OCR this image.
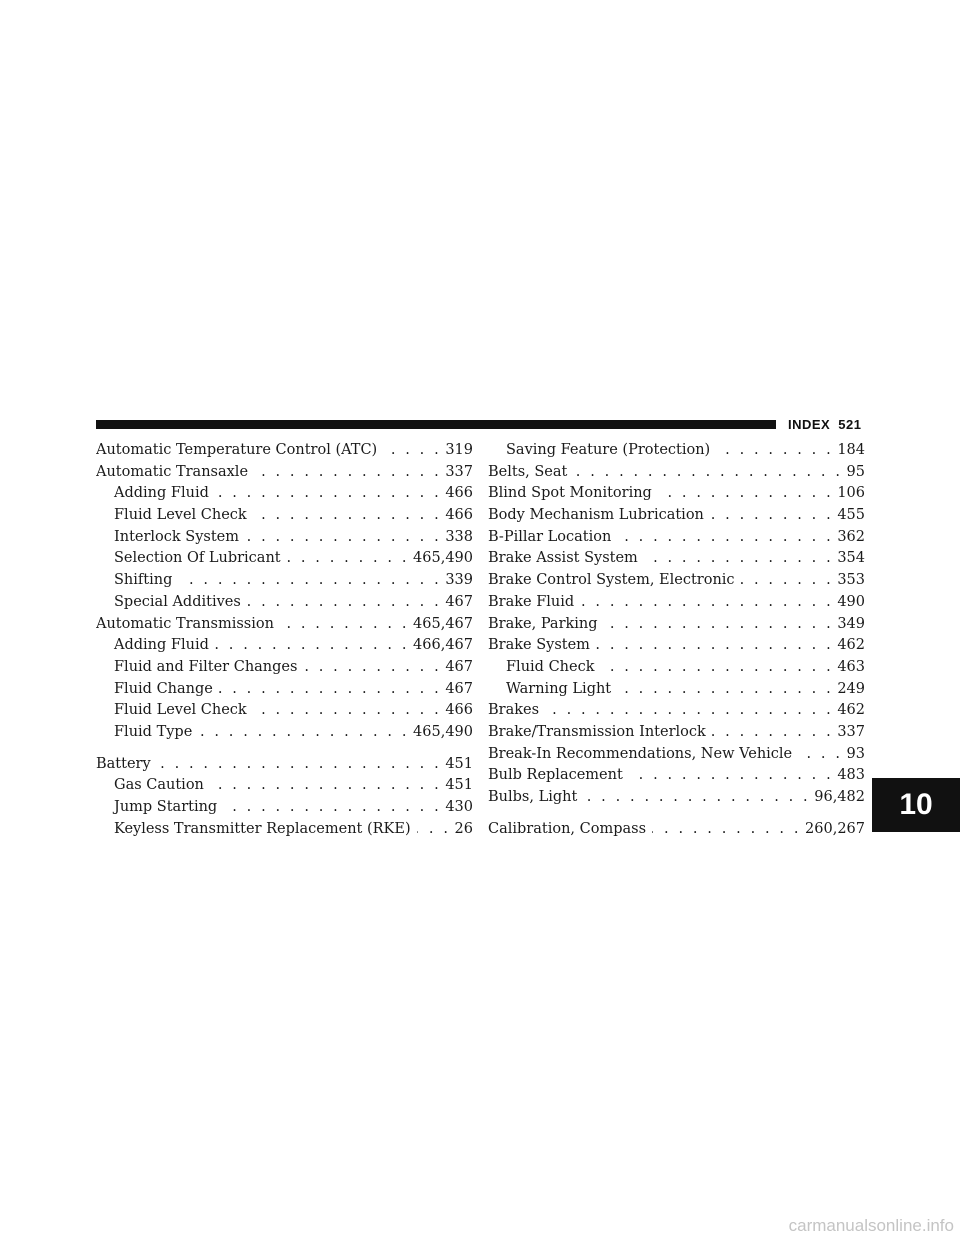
INDEX 521
Automatic Temperature Control (ATC) . . .	319
Automatic Transaxle . . .	337
Adding Fluid . . .	466
Fluid Level Check . . .	466
Interlock System . . .	338
Selection Of Lubricant . . .	465,490
Shifting . . .	339
Special Additives . . .	467
Automatic Transmission . . .	465,467
Adding Fluid . . .	466,467
Fluid and Filter Changes . . .	467
Fluid Change . . .	467
Fluid Level Check . . .	466
Fluid Type . . .	465,490
Battery . . .	451
Gas Caution . . .	451
Jump Starting . . .	430
Keyless Transmitter Replacement (RKE) . . .	26
Saving Feature (Protection) . . .	184
Belts, Seat . . .	95
Blind Spot Monitoring . . .	106
Body Mechanism Lubrication . . .	455
B-Pillar Location . . .	362
Brake Assist System . . .	354
Brake Control System, Electronic . . .	353
Brake Fluid . . .	490
Brake, Parking . . .	349
Brake System . . .	462
Fluid Check . . .	463
Warning Light . . .	249
Brakes . . .	462
Brake/Transmission Interlock . . .	337
Break-In Recommendations, New Vehicle . . .	93
Bulb Replacement . . .	483
Bulbs, Light . . .	96,482
Calibration, Compass . . .	260,267
10
carmanualsonline.info
